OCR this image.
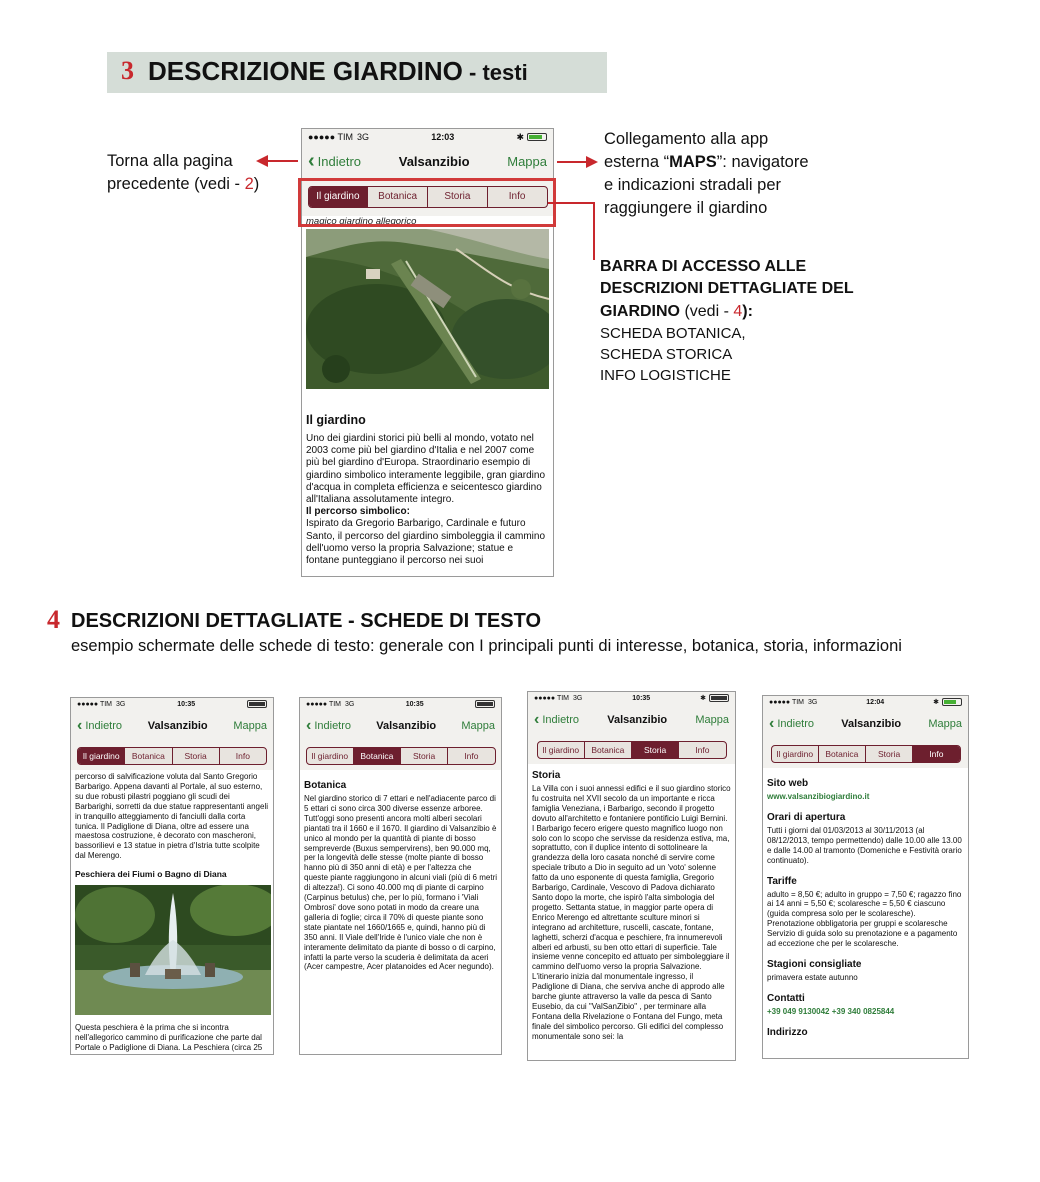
3 DESCRIZIONE GIARDINO - testi
●●●●● TIM 3G	12:03	✱
‹ Indietro	Valsanzibio	Mappa
Il giardino	Botanica	Storia	Info
magico giardino allegorico
Il giardino

Uno dei giardini storici più belli al mondo, votato nel 2003 come più bel giardino d'Italia e nel 2007 come più bel giardino d'Europa. Straordinario esempio di giardino simbolico interamente leggibile, gran giardino d'acqua in completa efficienza e seicentesco giardino all'Italiana assolutamente integro.

Il percorso simbolico:

Ispirato da Gregorio Barbarigo, Cardinale e futuro Santo, il percorso del giardino simboleggia il cammino dell'uomo verso la propria Salvazione; statue e fontane punteggiano il percorso nei suoi

Torna alla pagina
precedente (vedi - 2)
Collegamento alla app
esterna “MAPS”: navigatore
e indicazioni stradali per
raggiungere il giardino
BARRA DI ACCESSO ALLE
DESCRIZIONI DETTAGLIATE DEL
GIARDINO (vedi - 4):
SCHEDA BOTANICA,
SCHEDA STORICA
INFO LOGISTICHE
4 DESCRIZIONI DETTAGLIATE - SCHEDE DI TESTO
esempio schermate delle schede di testo: generale con I principali punti di interesse, botanica, storia, informazioni
●●●●● TIM 3G	10:35
‹ Indietro Valsanzibio Mappa
Il giardino	Botanica	Storia	Info

percorso di salvificazione voluta dal Santo Gregorio Barbarigo. Appena davanti al Portale, al suo esterno, su due robusti pilastri poggiano gli scudi dei Barbarighi, sorretti da due statue rappresentanti angeli in tranquillo atteggiamento di fanciulli dalla corta tunica. Il Padiglione di Diana, oltre ad essere una maestosa costruzione, è decorato con mascheroni, bassorilievi e 13 statue in pietra d'Istria tutte scolpite dal Merengo.

Peschiera dei Fiumi o Bagno di Diana

Questa peschiera è la prima che si incontra nell'allegorico cammino di purificazione che parte dal Portale o Padiglione di Diana. La Peschiera (circa 25

●●●●● TIM 3G	10:35
‹ Indietro Valsanzibio Mappa
Il giardino	Botanica	Storia	Info
Botanica

Nel giardino storico di 7 ettari e nell'adiacente parco di 5 ettari ci sono circa 300 diverse essenze arboree. Tutt'oggi sono presenti ancora molti alberi secolari piantati tra il 1660 e il 1670. Il giardino di Valsanzibio è unico al mondo per la quantità di piante di bosso sempreverde (Buxus sempervirens), ben 90.000 mq, per la longevità delle stesse (molte piante di bosso hanno più di 350 anni di età) e per l'altezza che queste piante raggiungono in alcuni viali (più di 6 metri di altezza!). Ci sono 40.000 mq di piante di carpino (Carpinus betulus) che, per lo più, formano i 'Viali Ombrosi' dove sono potati in modo da creare una galleria di foglie; circa il 70% di queste piante sono state piantate nel 1660/1665 e, quindi, hanno più di 350 anni. Il Viale dell'Iride è l'unico viale che non è interamente delimitato da piante di bosso o di carpino, infatti la parte verso la scuderia è delimitata da aceri (Acer campestre, Acer platanoides ed Acer negundo).

●●●●● TIM 3G	10:35	✱
‹ Indietro	Valsanzibio	Mappa
Il giardino	Botanica	Storia	Info
Storia

La Villa con i suoi annessi edifici e il suo giardino storico fu costruita nel XVII secolo da un importante e ricca famiglia Veneziana, i Barbarigo, secondo il progetto dovuto all'architetto e fontaniere pontificio Luigi Bernini. I Barbarigo fecero erigere questo magnifico luogo non solo con lo scopo che servisse da residenza estiva, ma, soprattutto, con il duplice intento di sottolineare la grandezza della loro casata nonché di servire come speciale tributo a Dio in seguito ad un 'voto' solenne fatto da uno esponente di questa famiglia, Gregorio Barbarigo, Cardinale, Vescovo di Padova dichiarato Santo dopo la morte, che ispirò l'alta simbologia del progetto. Settanta statue, in maggior parte opera di Enrico Merengo ed altrettante sculture minori si integrano ad architetture, ruscelli, cascate, fontane, laghetti, scherzi d'acqua e peschiere, fra innumerevoli alberi ed arbusti, su ben otto ettari di superficie. Tale insieme venne concepito ed attuato per simboleggiare il cammino dell'uomo verso la propria Salvazione. L'itinerario inizia dal monumentale ingresso, il Padiglione di Diana, che serviva anche di approdo alle barche giunte attraverso la valle da pesca di Santo Eusebio, da cui "ValSanZibio" , per terminare alla Fontana della Rivelazione o Fontana del Fungo, meta finale del simbolico percorso. Gli edifici del complesso monumentale sono sei: la

●●●●● TIM 3G	12:04	✱
‹ Indietro Valsanzibio Mappa
Il giardino	Botanica	Storia	Info
Sito web

www.valsanzibiogiardino.it

Orari di apertura

Tutti i giorni dal 01/03/2013 al 30/11/2013 (al 08/12/2013, tempo permettendo) dalle 10.00 alle 13.00 e dalle 14.00 al tramonto (Domeniche e Festività orario continuato).

Tariffe

adulto = 8,50 €; adulto in gruppo = 7,50 €; ragazzo fino ai 14 anni = 5,50 €; scolaresche = 5,50 € ciascuno (guida compresa solo per le scolaresche). Prenotazione obbligatoria per gruppi e scolaresche Servizio di guida solo su prenotazione e a pagamento ad eccezione che per le scolaresche.

Stagioni consigliate

primavera estate autunno

Contatti

+39 049 9130042 +39 340 0825844

Indirizzo
